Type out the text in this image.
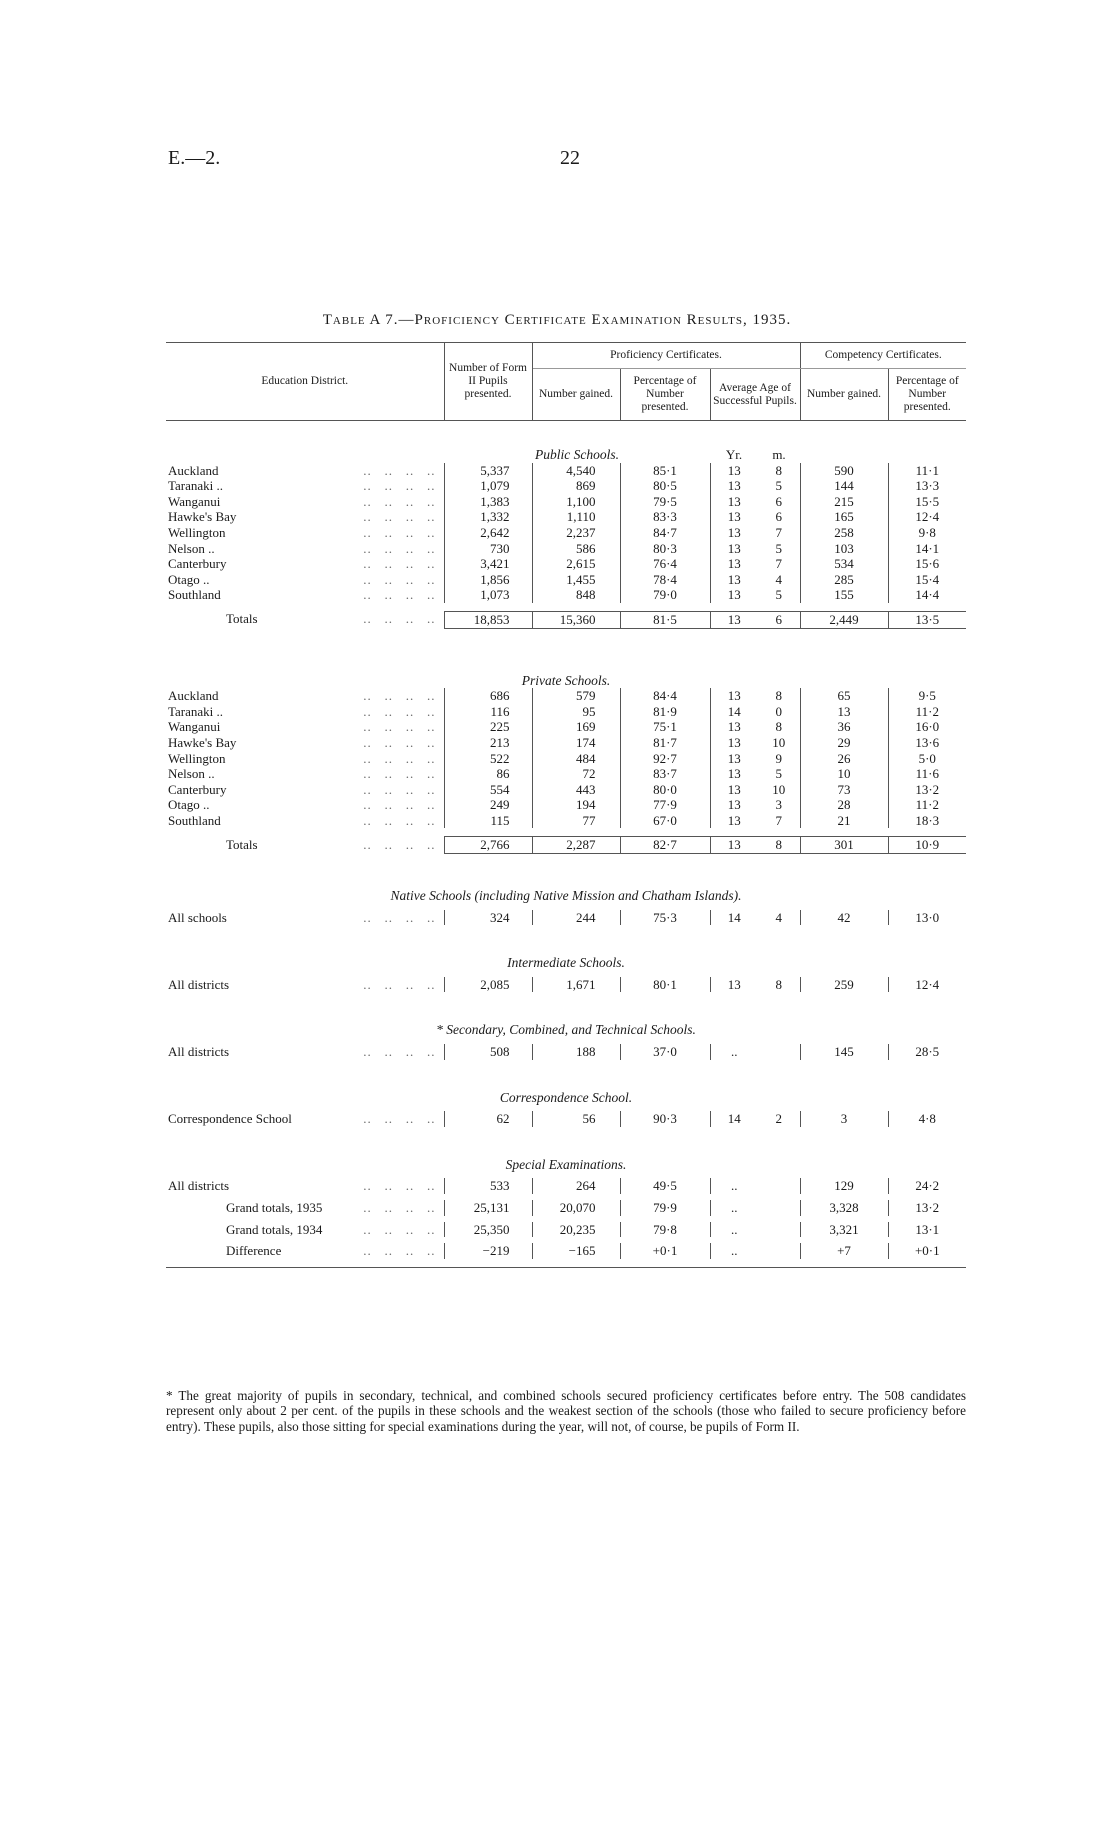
E.—2.	22
Table A 7.—Proficiency Certificate Examination Results, 1935.
Education District.	Number of Form II Pupils presented.	Proficiency Certificates.				Competency Certificates.	
		Number gained.	Percentage of Number presented.	Average Age of Successful Pupils.		Number gained.	Percentage of Number presented.

	Public Schools.			Yr.	m.		
Auckland ..   ..   ..   ..	5,337	4,540	85·1	13	8	590	11·1
Taranaki .. ..   ..   ..   ..	1,079	869	80·5	13	5	144	13·3
Wanganui ..   ..   ..   ..	1,383	1,100	79·5	13	6	215	15·5
Hawke's Bay ..   ..   ..   ..	1,332	1,110	83·3	13	6	165	12·4
Wellington ..   ..   ..   ..	2,642	2,237	84·7	13	7	258	9·8
Nelson .. ..   ..   ..   ..	730	586	80·3	13	5	103	14·1
Canterbury ..   ..   ..   ..	3,421	2,615	76·4	13	7	534	15·6
Otago .. ..   ..   ..   ..	1,856	1,455	78·4	13	4	285	15·4
Southland ..   ..   ..   ..	1,073	848	79·0	13	5	155	14·4

Totals ..   ..   ..   ..	18,853	15,360	81·5	13	6	2,449	13·5

Private Schools.							
Auckland ..   ..   ..   ..	686	579	84·4	13	8	65	9·5
Taranaki .. ..   ..   ..   ..	116	95	81·9	14	0	13	11·2
Wanganui ..   ..   ..   ..	225	169	75·1	13	8	36	16·0
Hawke's Bay ..   ..   ..   ..	213	174	81·7	13	10	29	13·6
Wellington ..   ..   ..   ..	522	484	92·7	13	9	26	5·0
Nelson .. ..   ..   ..   ..	86	72	83·7	13	5	10	11·6
Canterbury ..   ..   ..   ..	554	443	80·0	13	10	73	13·2
Otago .. ..   ..   ..   ..	249	194	77·9	13	3	28	11·2
Southland ..   ..   ..   ..	115	77	67·0	13	7	21	18·3

Totals ..   ..   ..   ..	2,766	2,287	82·7	13	8	301	10·9

Native Schools (including Native Mission and Chatham Islands).							

All schools ..   ..   ..   ..	324	244	75·3	14	4	42	13·0

Intermediate Schools.							

All districts ..   ..   ..   ..	2,085	1,671	80·1	13	8	259	12·4

* Secondary, Combined, and Technical Schools.							

All districts ..   ..   ..   ..	508	188	37·0	..		145	28·5

Correspondence School.							

Correspondence School ..   ..   ..   ..	62	56	90·3	14	2	3	4·8

Special Examinations.							

All districts ..   ..   ..   ..	533	264	49·5	..		129	24·2

Grand totals, 1935 ..   ..   ..   ..	25,131	20,070	79·9	..		3,328	13·2

Grand totals, 1934 ..   ..   ..   ..	25,350	20,235	79·8	..		3,321	13·1

Difference ..   ..   ..   ..	−219	−165	+0·1	..		+7	+0·1

* The great majority of pupils in secondary, technical, and combined schools secured proficiency certificates before entry. The 508 candidates represent only about 2 per cent. of the pupils in these schools and the weakest section of the schools (those who failed to secure proficiency before entry). These pupils, also those sitting for special examinations during the year, will not, of course, be pupils of Form II.
